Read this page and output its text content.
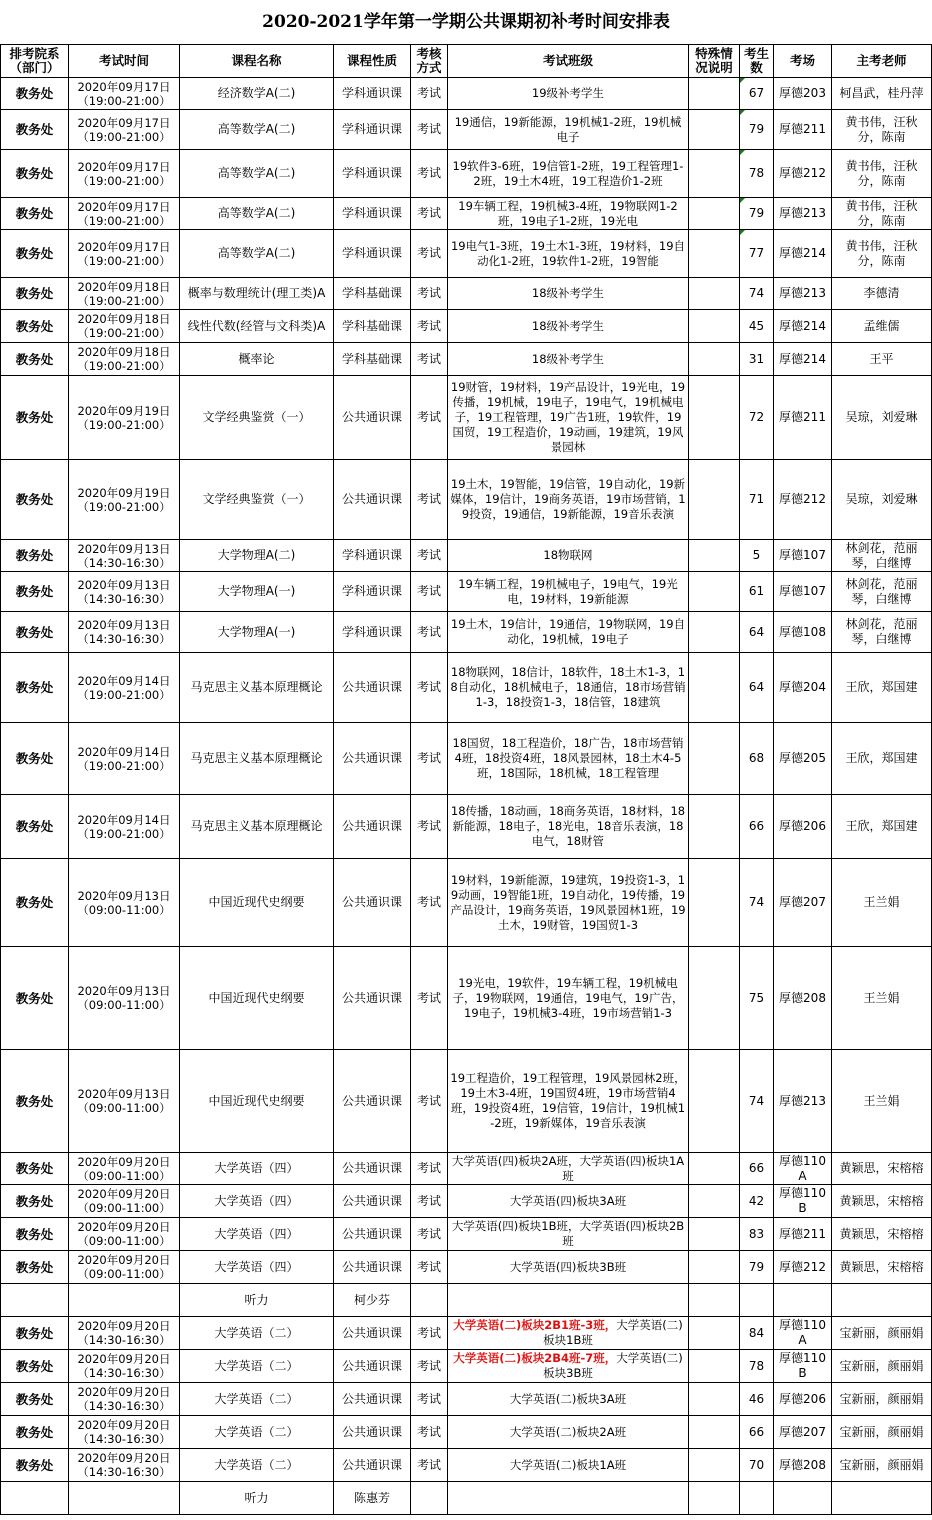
2020-2021学年第一学期公共课期初补考时间安排表
排考院系（部门）	考试时间	课程名称	课程性质	考核方式	考试班级	特殊情况说明	考生数	考场	主考老师
教务处	2020年09月17日
（19:00-21:00）	经济数学A(二)	学科通识课	考试	19级补考学生		67	厚德203	柯昌武，桂丹萍
教务处	2020年09月17日
（19:00-21:00）	高等数学A(二)	学科通识课	考试	19通信，19新能源，19机械1-2班，19机械电子		79	厚德211	黄书伟，汪秋分，陈南
教务处	2020年09月17日
（19:00-21:00）	高等数学A(二)	学科通识课	考试	19软件3-6班，19信管1-2班，19工程管理1-2班，19土木4班，19工程造价1-2班		78	厚德212	黄书伟，汪秋分，陈南
教务处	2020年09月17日
（19:00-21:00）	高等数学A(二)	学科通识课	考试	19车辆工程，19机械3-4班，19物联网1-2班，19电子1-2班，19光电		79	厚德213	黄书伟，汪秋分，陈南
教务处	2020年09月17日
（19:00-21:00）	高等数学A(二)	学科通识课	考试	19电气1-3班，19土木1-3班，19材料，19自动化1-2班，19软件1-2班，19智能		77	厚德214	黄书伟，汪秋分，陈南
教务处	2020年09月18日
（19:00-21:00）	概率与数理统计(理工类)A	学科基础课	考试	18级补考学生		74	厚德213	李德清
教务处	2020年09月18日
（19:00-21:00）	线性代数(经管与文科类)A	学科基础课	考试	18级补考学生		45	厚德214	孟维儒
教务处	2020年09月18日
（19:00-21:00）	概率论	学科基础课	考试	18级补考学生		31	厚德214	王平
教务处	2020年09月19日
（19:00-21:00）	文学经典鉴赏（一）	公共通识课	考试	19财管，19材料，19产品设计，19光电，19传播，19机械，19电子，19电气，19机械电子，19工程管理，19广告1班，19软件，19国贸，19工程造价，19动画，19建筑，19风景园林		72	厚德211	吴琼，刘爱琳
教务处	2020年09月19日
（19:00-21:00）	文学经典鉴赏（一）	公共通识课	考试	19土木，19智能，19信管，19自动化，19新媒体，19信计，19商务英语，19市场营销，19投资，19通信，19新能源，19音乐表演		71	厚德212	吴琼，刘爱琳
教务处	2020年09月13日
（14:30-16:30）	大学物理A(二)	学科通识课	考试	18物联网		5	厚德107	林剑花，范丽琴，白继博
教务处	2020年09月13日
（14:30-16:30）	大学物理A(一)	学科通识课	考试	19车辆工程，19机械电子，19电气，19光电，19材料，19新能源		61	厚德107	林剑花，范丽琴，白继博
教务处	2020年09月13日
（14:30-16:30）	大学物理A(一)	学科通识课	考试	19土木，19信计，19通信，19物联网，19自动化，19机械，19电子		64	厚德108	林剑花，范丽琴，白继博
教务处	2020年09月14日
（19:00-21:00）	马克思主义基本原理概论	公共通识课	考试	18物联网，18信计，18软件，18土木1-3，18自动化，18机械电子，18通信，18市场营销1-3，18投资1-3，18信管，18建筑		64	厚德204	王欣，郑国建
教务处	2020年09月14日
（19:00-21:00）	马克思主义基本原理概论	公共通识课	考试	18国贸，18工程造价，18广告，18市场营销4班，18投资4班，18风景园林，18土木4-5班，18国际，18机械，18工程管理		68	厚德205	王欣，郑国建
教务处	2020年09月14日
（19:00-21:00）	马克思主义基本原理概论	公共通识课	考试	18传播，18动画，18商务英语，18材料，18新能源，18电子，18光电，18音乐表演，18电气，18财管		66	厚德206	王欣，郑国建
教务处	2020年09月13日
（09:00-11:00）	中国近现代史纲要	公共通识课	考试	19材料，19新能源，19建筑，19投资1-3，19动画，19智能1班，19自动化，19传播，19产品设计，19商务英语，19风景园林1班，19土木，19财管，19国贸1-3		74	厚德207	王兰娟
教务处	2020年09月13日
（09:00-11:00）	中国近现代史纲要	公共通识课	考试	19光电，19软件，19车辆工程，19机械电子，19物联网，19通信，19电气，19广告，19电子，19机械3-4班，19市场营销1-3		75	厚德208	王兰娟
教务处	2020年09月13日
（09:00-11:00）	中国近现代史纲要	公共通识课	考试	19工程造价，19工程管理，19风景园林2班，19土木3-4班，19国贸4班，19市场营销4班，19投资4班，19信管，19信计，19机械1-2班，19新媒体，19音乐表演		74	厚德213	王兰娟
教务处	2020年09月20日
（09:00-11:00）	大学英语（四）	公共通识课	考试	大学英语(四)板块2A班，大学英语(四)板块1A班		66	厚德110A	黄颖思，宋榕榕
教务处	2020年09月20日
（09:00-11:00）	大学英语（四）	公共通识课	考试	大学英语(四)板块3A班		42	厚德110B	黄颖思，宋榕榕
教务处	2020年09月20日
（09:00-11:00）	大学英语（四）	公共通识课	考试	大学英语(四)板块1B班，大学英语(四)板块2B班		83	厚德211	黄颖思，宋榕榕
教务处	2020年09月20日
（09:00-11:00）	大学英语（四）	公共通识课	考试	大学英语(四)板块3B班		79	厚德212	黄颖思，宋榕榕
		听力	柯少芬						
教务处	2020年09月20日
（14:30-16:30）	大学英语（二）	公共通识课	考试	大学英语(二)板块2B1班-3班，大学英语(二)板块1B班		84	厚德110A	宝新丽，颜丽娟
教务处	2020年09月20日
（14:30-16:30）	大学英语（二）	公共通识课	考试	大学英语(二)板块2B4班-7班，大学英语(二)板块3B班		78	厚德110B	宝新丽，颜丽娟
教务处	2020年09月20日
（14:30-16:30）	大学英语（二）	公共通识课	考试	大学英语(二)板块3A班		46	厚德206	宝新丽，颜丽娟
教务处	2020年09月20日
（14:30-16:30）	大学英语（二）	公共通识课	考试	大学英语(二)板块2A班		66	厚德207	宝新丽，颜丽娟
教务处	2020年09月20日
（14:30-16:30）	大学英语（二）	公共通识课	考试	大学英语(二)板块1A班		70	厚德208	宝新丽，颜丽娟
		听力	陈惠芳						
